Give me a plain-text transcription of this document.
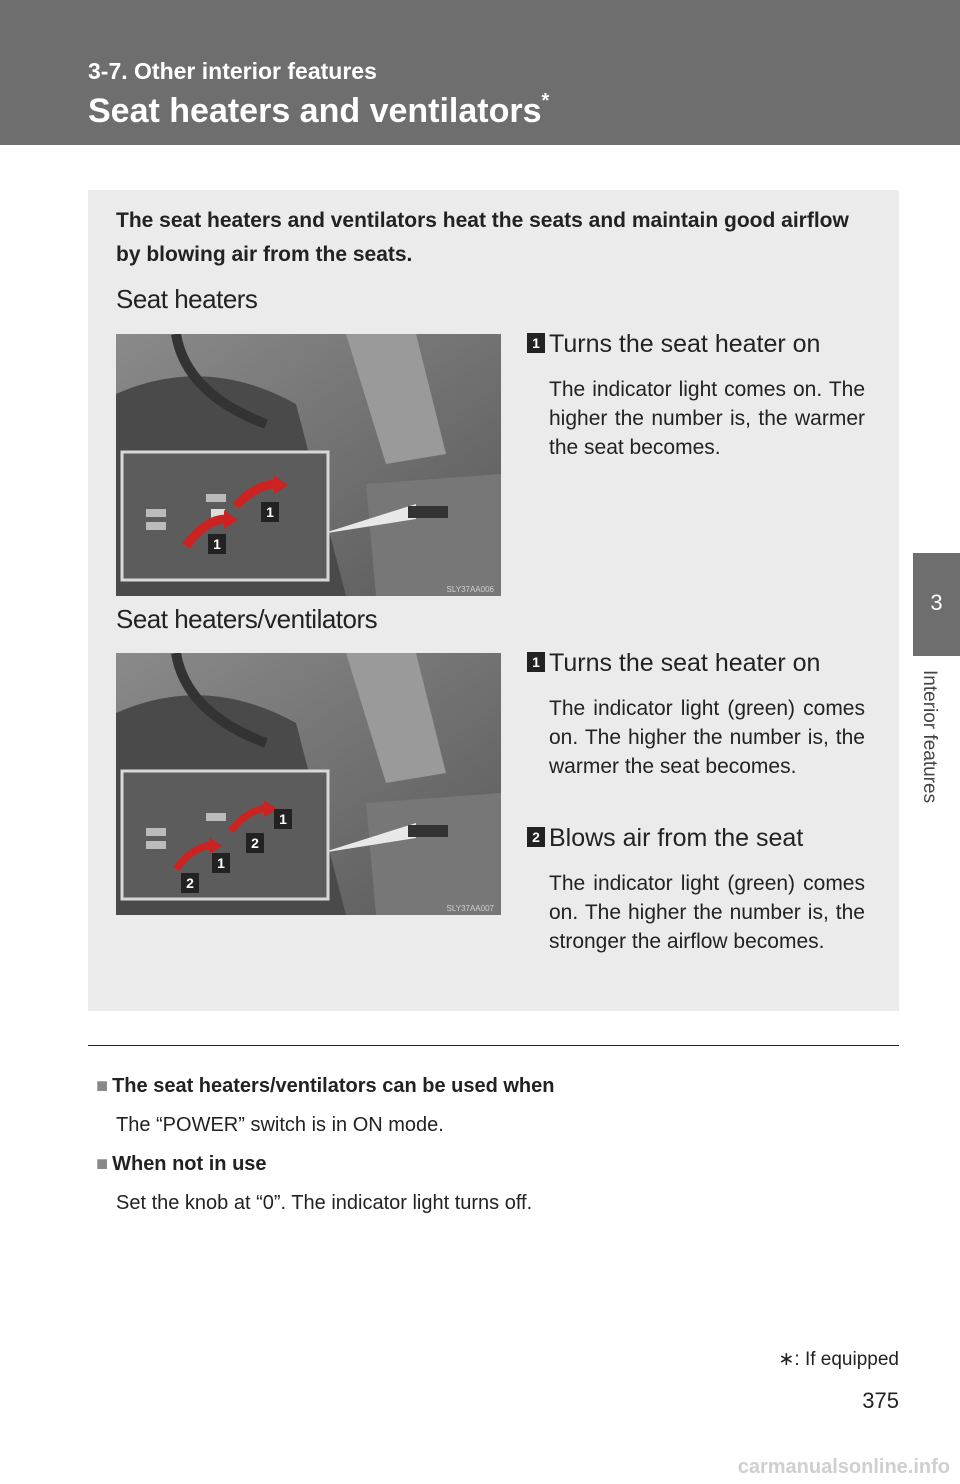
3-7. Other interior features
Seat heaters and ventilators*
3
Interior features
The seat heaters and ventilators heat the seats and maintain good airflow by blowing air from the seats.
Seat heaters
1
1
SLY37AA006
1 Turns the seat heater on
The indicator light comes on. The higher the number is, the warmer the seat becomes.
Seat heaters/ventilators
1
2
1
2
SLY37AA007
1 Turns the seat heater on
The indicator light (green) comes on. The higher the number is, the warmer the seat becomes.
2 Blows air from the seat
The indicator light (green) comes on. The higher the number is, the stronger the airflow becomes.
■ The seat heaters/ventilators can be used when
The “POWER” switch is in ON mode.
■ When not in use
Set the knob at “0”. The indicator light turns off.
∗: If equipped
375
carmanualsonline.info
